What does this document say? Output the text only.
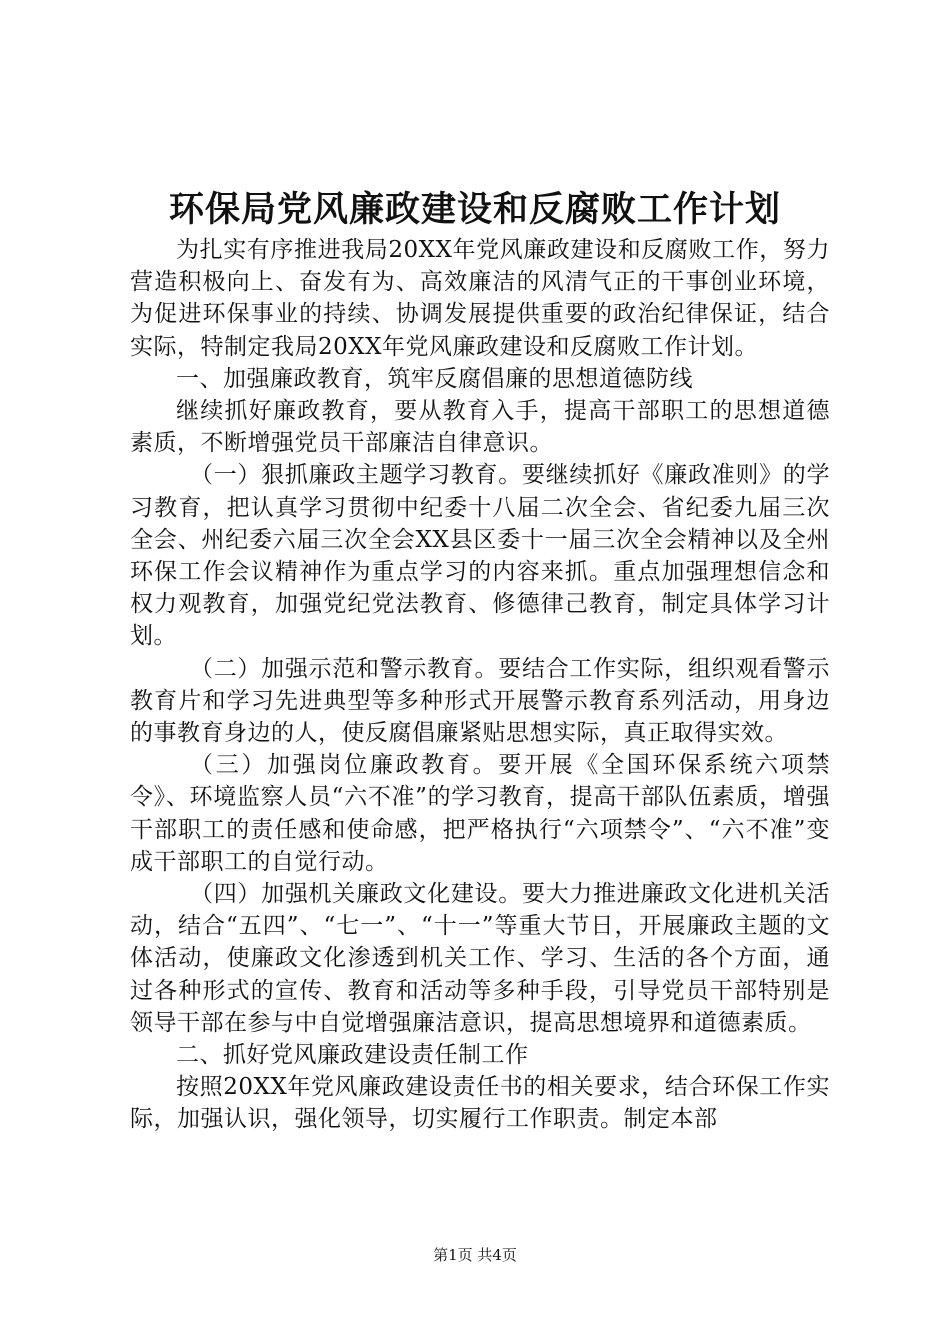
环保局党风廉政建设和反腐败工作计划

为扎实有序推进我局20XX年党风廉政建设和反腐败工作，努力营造积极向上、奋发有为、高效廉洁的风清气正的干事创业环境，为促进环保事业的持续、协调发展提供重要的政治纪律保证，结合实际，特制定我局20XX年党风廉政建设和反腐败工作计划。

一、加强廉政教育，筑牢反腐倡廉的思想道德防线

继续抓好廉政教育，要从教育入手，提高干部职工的思想道德素质，不断增强党员干部廉洁自律意识。

（一）狠抓廉政主题学习教育。要继续抓好《廉政准则》的学习教育，把认真学习贯彻中纪委十八届二次全会、省纪委九届三次全会、州纪委六届三次全会XX县区委十一届三次全会精神以及全州环保工作会议精神作为重点学习的内容来抓。重点加强理想信念和权力观教育，加强党纪党法教育、修德律己教育，制定具体学习计划。

（二）加强示范和警示教育。要结合工作实际，组织观看警示教育片和学习先进典型等多种形式开展警示教育系列活动，用身边的事教育身边的人，使反腐倡廉紧贴思想实际，真正取得实效。

（三）加强岗位廉政教育。要开展《全国环保系统六项禁令》、环境监察人员“六不准”的学习教育，提高干部队伍素质，增强干部职工的责任感和使命感，把严格执行“六项禁令”、“六不准”变成干部职工的自觉行动。

（四）加强机关廉政文化建设。要大力推进廉政文化进机关活动，结合“五四”、“七一”、“十一”等重大节日，开展廉政主题的文体活动，使廉政文化渗透到机关工作、学习、生活的各个方面，通过各种形式的宣传、教育和活动等多种手段，引导党员干部特别是领导干部在参与中自觉增强廉洁意识，提高思想境界和道德素质。

二、抓好党风廉政建设责任制工作

按照20XX年党风廉政建设责任书的相关要求，结合环保工作实际，加强认识，强化领导，切实履行工作职责。制定本部

第1页 共4页
